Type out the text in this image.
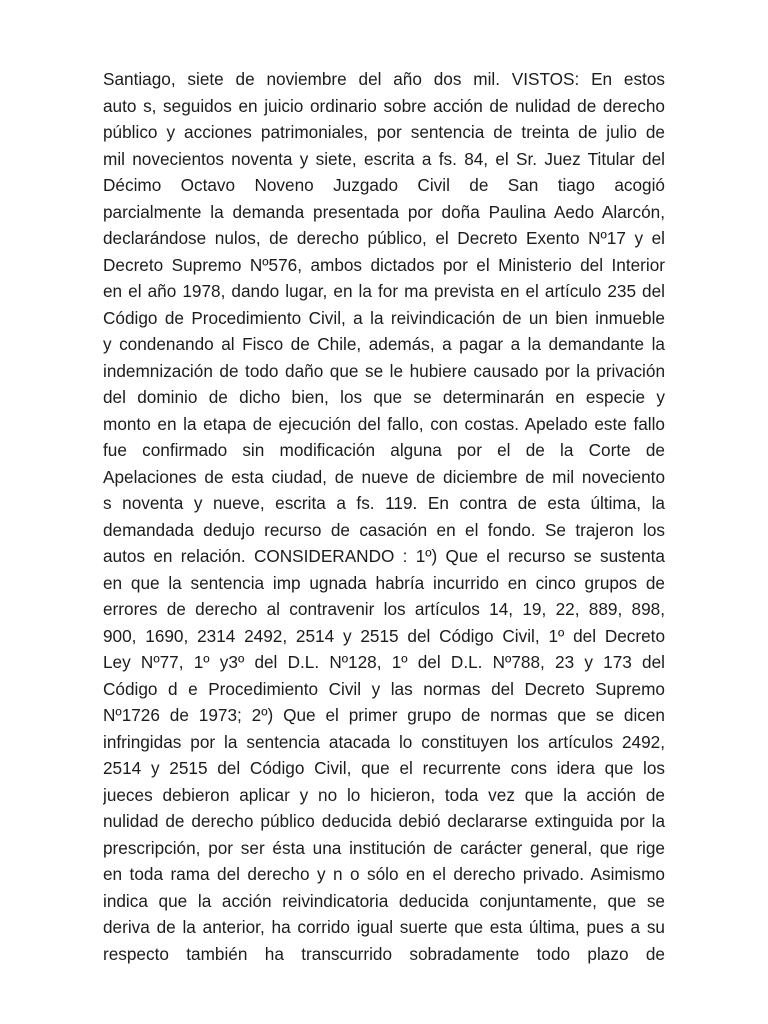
Santiago, siete de noviembre del año dos mil. VISTOS: En estos
auto s, seguidos en juicio ordinario sobre acción de nulidad de derecho
público y acciones patrimoniales, por sentencia de treinta de julio de
mil novecientos noventa y siete, escrita a fs. 84, el Sr. Juez Titular del
Décimo Octavo Noveno Juzgado Civil de San tiago acogió
parcialmente la demanda presentada por doña Paulina Aedo Alarcón,
declarándose nulos, de derecho público, el Decreto Exento Nº17 y el
Decreto Supremo Nº576, ambos dictados por el Ministerio del Interior
en el año 1978, dando lugar, en la for ma prevista en el artículo 235 del
Código de Procedimiento Civil, a la reivindicación de un bien inmueble
y condenando al Fisco de Chile, además, a pagar a la demandante la
indemnización de todo daño que se le hubiere causado por la privación
del dominio de dicho bien, los que se determinarán en especie y
monto en la etapa de ejecución del fallo, con costas. Apelado este fallo
fue confirmado sin modificación alguna por el de la Corte de
Apelaciones de esta ciudad, de nueve de diciembre de mil noveciento
s noventa y nueve, escrita a fs. 119. En contra de esta última, la
demandada dedujo recurso de casación en el fondo. Se trajeron los
autos en relación. CONSIDERANDO : 1º) Que el recurso se sustenta
en que la sentencia imp ugnada habría incurrido en cinco grupos de
errores de derecho al contravenir los artículos 14, 19, 22, 889, 898,
900, 1690, 2314 2492, 2514 y 2515 del Código Civil, 1º del Decreto
Ley Nº77, 1º y3º del D.L. Nº128, 1º del D.L. Nº788, 23 y 173 del
Código d e Procedimiento Civil y las normas del Decreto Supremo
Nº1726 de 1973; 2º) Que el primer grupo de normas que se dicen
infringidas por la sentencia atacada lo constituyen los artículos 2492,
2514 y 2515 del Código Civil, que el recurrente cons idera que los
jueces debieron aplicar y no lo hicieron, toda vez que la acción de
nulidad de derecho público deducida debió declararse extinguida por la
prescripción, por ser ésta una institución de carácter general, que rige
en toda rama del derecho y n o sólo en el derecho privado. Asimismo
indica que la acción reivindicatoria deducida conjuntamente, que se
deriva de la anterior, ha corrido igual suerte que esta última, pues a su
respecto también ha transcurrido sobradamente todo plazo de
